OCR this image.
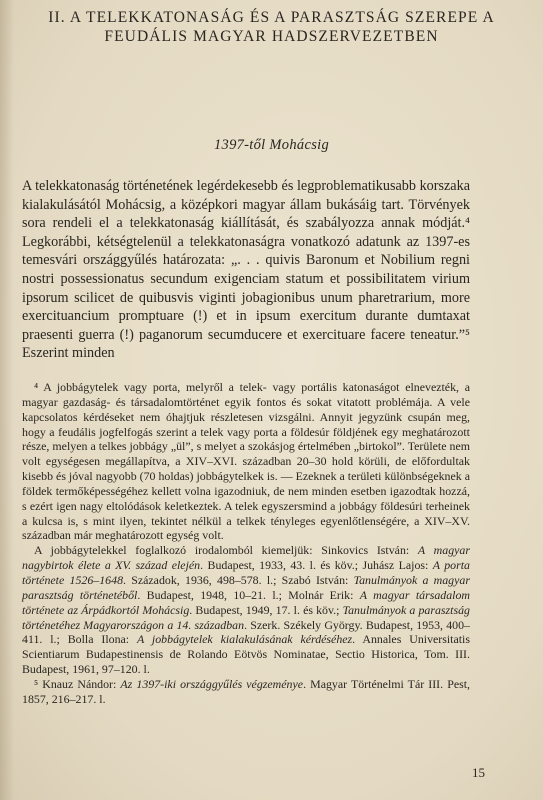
II. A TELEKKATONASÁG ÉS A PARASZTSÁG SZEREPE A
FEUDÁLIS MAGYAR HADSZERVEZETBEN
1397-től Mohácsig

A telekkatonaság történetének legérdekesebb és legproblematikusabb korszaka kialakulásától Mohácsig, a középkori magyar állam bukásáig tart. Törvények sora rendeli el a telekkatonaság kiállítását, és szabályozza annak módját.⁴ Legkorábbi, kétségtelenül a telekkatonaságra vonatkozó adatunk az 1397-es temesvári országgyűlés határozata: „. . . quivis Baronum et Nobilium regni nostri possessionatus secundum exigenciam statum et possibilitatem virium ipsorum scilicet de quibusvis viginti jobagionibus unum pharetrarium, more exercituancium promptuare (!) et in ipsum exercitum durante dumtaxat praesenti guerra (!) paganorum secumducere et exercituare facere teneatur.”⁵ Eszerint minden

⁴ A jobbágytelek vagy porta, melyről a telek- vagy portális katonaságot elnevezték, a magyar gazdaság- és társadalomtörténet egyik fontos és sokat vitatott problémája. A vele kapcsolatos kérdéseket nem óhajtjuk részletesen vizsgálni. Annyit jegyzünk csupán meg, hogy a feudális jogfelfogás szerint a telek vagy porta a földesúr földjének egy meghatározott része, melyen a telkes jobbágy „ül”, s melyet a szokásjog értelmében „birtokol”. Területe nem volt egységesen megállapítva, a XIV–XVI. században 20–30 hold körüli, de előfordultak kisebb és jóval nagyobb (70 holdas) jobbágytelkek is. — Ezeknek a területi különbségeknek a földek termőképességéhez kellett volna igazodniuk, de nem minden esetben igazodtak hozzá, s ezért igen nagy eltolódások keletkeztek. A telek egyszersmind a jobbágy földesúri terheinek a kulcsa is, s mint ilyen, tekintet nélkül a telkek tényleges egyenlőtlenségére, a XIV–XV. században már meghatározott egység volt.

A jobbágytelekkel foglalkozó irodalomból kiemeljük: Sinkovics István: A magyar nagybirtok élete a XV. század elején. Budapest, 1933, 43. l. és köv.; Juhász Lajos: A porta története 1526–1648. Századok, 1936, 498–578. l.; Szabó István: Tanulmányok a magyar parasztság történetéből. Budapest, 1948, 10–21. l.; Molnár Erik: A magyar társadalom története az Árpádkortól Mohácsig. Budapest, 1949, 17. l. és köv.; Tanulmányok a parasztság történetéhez Magyarországon a 14. században. Szerk. Székely György. Budapest, 1953, 400–411. l.; Bolla Ilona: A jobbágytelek kialakulásának kérdéséhez. Annales Universitatis Scientiarum Budapestinensis de Rolando Eötvös Nominatae, Sectio Historica, Tom. III. Budapest, 1961, 97–120. l.

⁵ Knauz Nándor: Az 1397-iki országgyűlés végzeménye. Magyar Történelmi Tár III. Pest, 1857, 216–217. l.

15
